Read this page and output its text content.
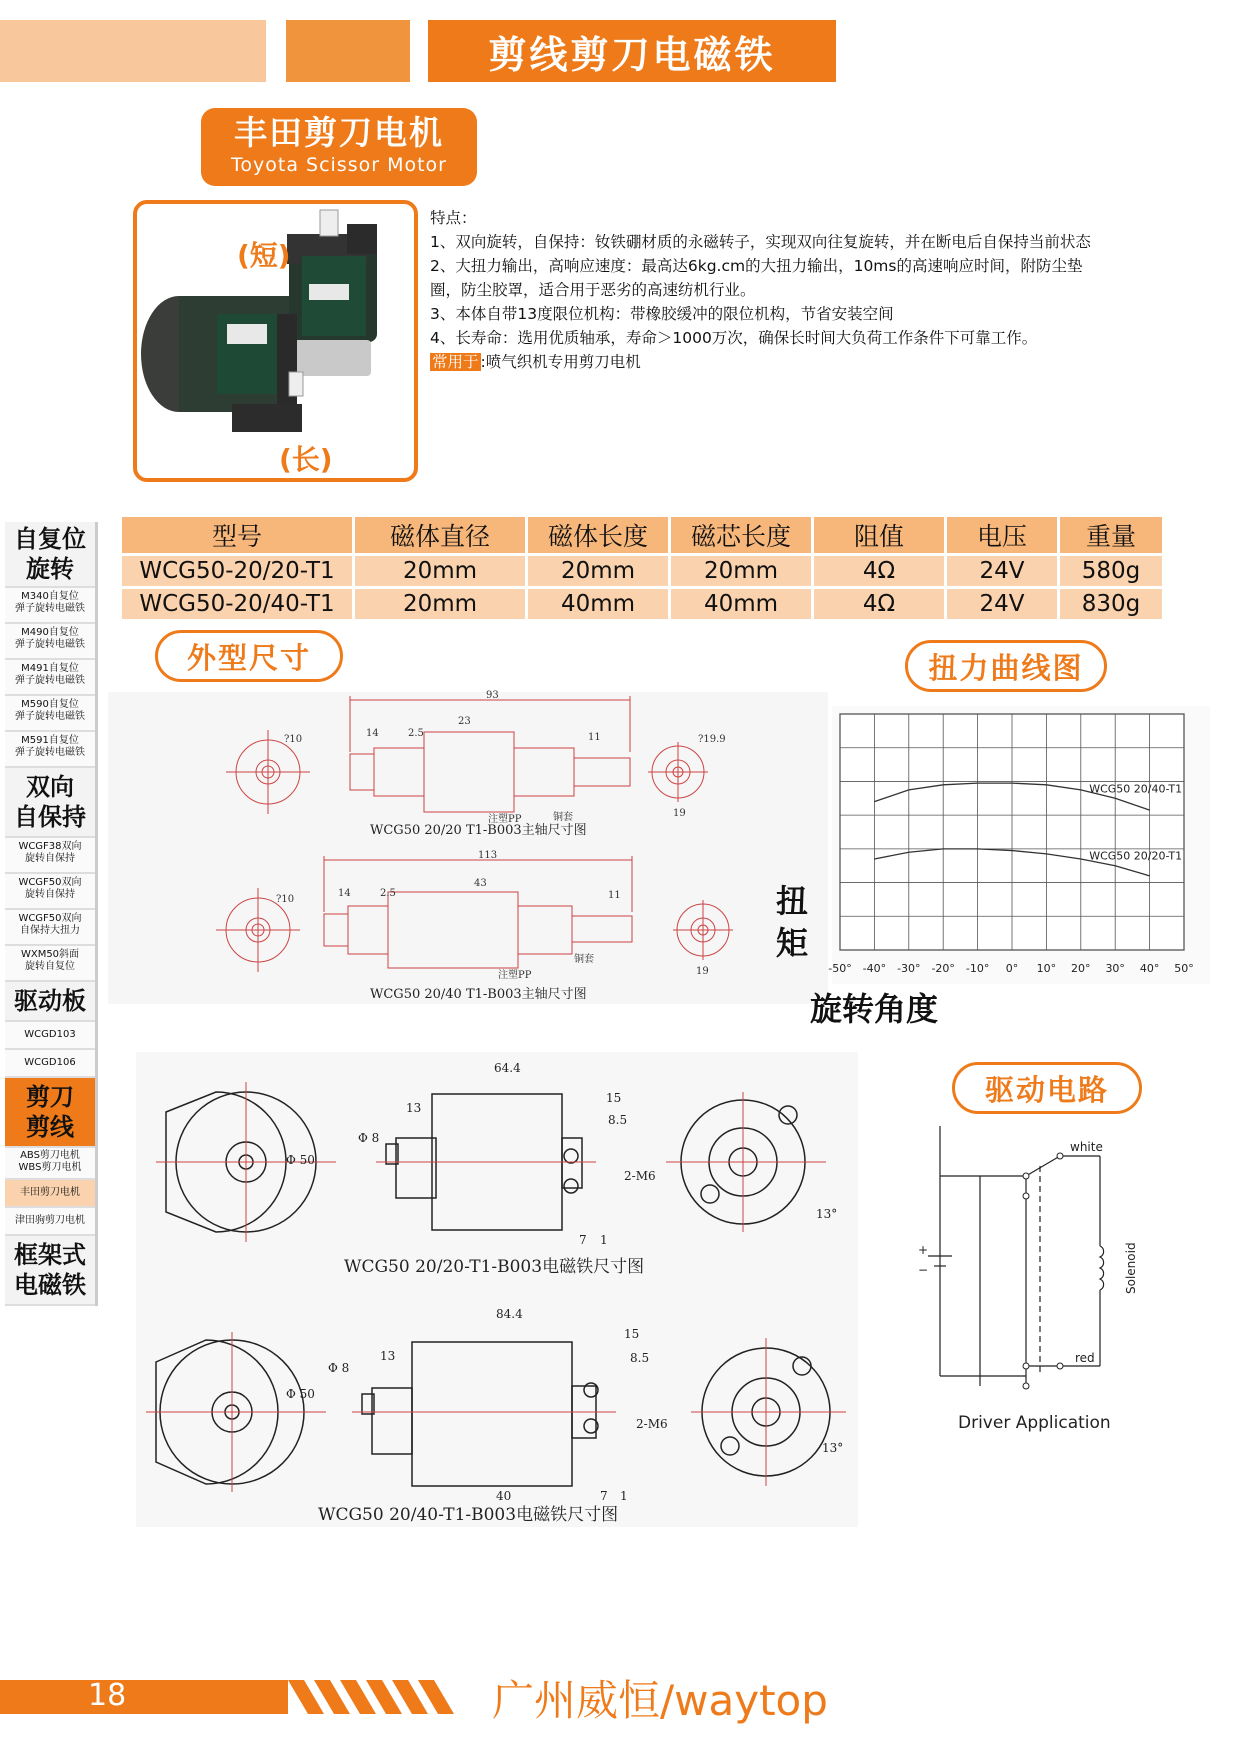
剪线剪刀电磁铁
丰田剪刀电机
Toyota Scissor Motor
(短)
(长)
特点：
1、双向旋转，自保持：钕铁硼材质的永磁转子，实现双向往复旋转，并在断电后自保持当前状态
2、大扭力输出，高响应速度：最高达6kg.cm的大扭力输出，10ms的高速响应时间，附防尘垫
圈，防尘胶罩，适合用于恶劣的高速纺机行业。
3、本体自带13度限位机构：带橡胶缓冲的限位机构，节省安装空间
4、长寿命：选用优质轴承，寿命＞1000万次，确保长时间大负荷工作条件下可靠工作。
常用于 :喷气织机专用剪刀电机
自复位
旋转
M340自复位
弹子旋转电磁铁
M490自复位
弹子旋转电磁铁
M491自复位
弹子旋转电磁铁
M590自复位
弹子旋转电磁铁
M591自复位
弹子旋转电磁铁
双向
自保持
WCGF38双向
旋转自保持
WCGF50双向
旋转自保持
WCGF50双向
自保持大扭力
WXM50斜面
旋转自复位
驱动板
WCGD103
WCGD106
剪刀
剪线
ABS剪刀电机
WBS剪刀电机
丰田剪刀电机
津田驹剪刀电机
框架式
电磁铁
型号	磁体直径	磁体长度	磁芯长度	阻值	电压	重量
WCG50-20/20-T1	20mm	20mm	20mm	4Ω	24V	580g
WCG50-20/40-T1	20mm	40mm	40mm	4Ω	24V	830g
外型尺寸	扭力曲线图
驱动电路
93
23
14	2.5	11
19
?19.9
?10
注塑PP	铜套
113
43
14	2.5	11
19
?10
注塑PP
铜套
WCG50 20/20 T1-B003主轴尺寸图
WCG50 20/40 T1-B003主轴尺寸图
扭矩
WCG50 20/40-T1
WCG50 20/20-T1
-50° -40° -30° -20° -10° 0° 10° 20° 30° 40° 50°
旋转角度
64.4
Φ 50
Φ 8
13
15
8.5
2-M6
7 1
13°
84.4
Φ 50
Φ 8
13
15
8.5
2-M6
40	7 1
13°
WCG50 20/20-T1-B003电磁铁尺寸图
WCG50 20/40-T1-B003电磁铁尺寸图
white
red
+
−	Solenoid
Driver Application
18	广州威恒/waytop
